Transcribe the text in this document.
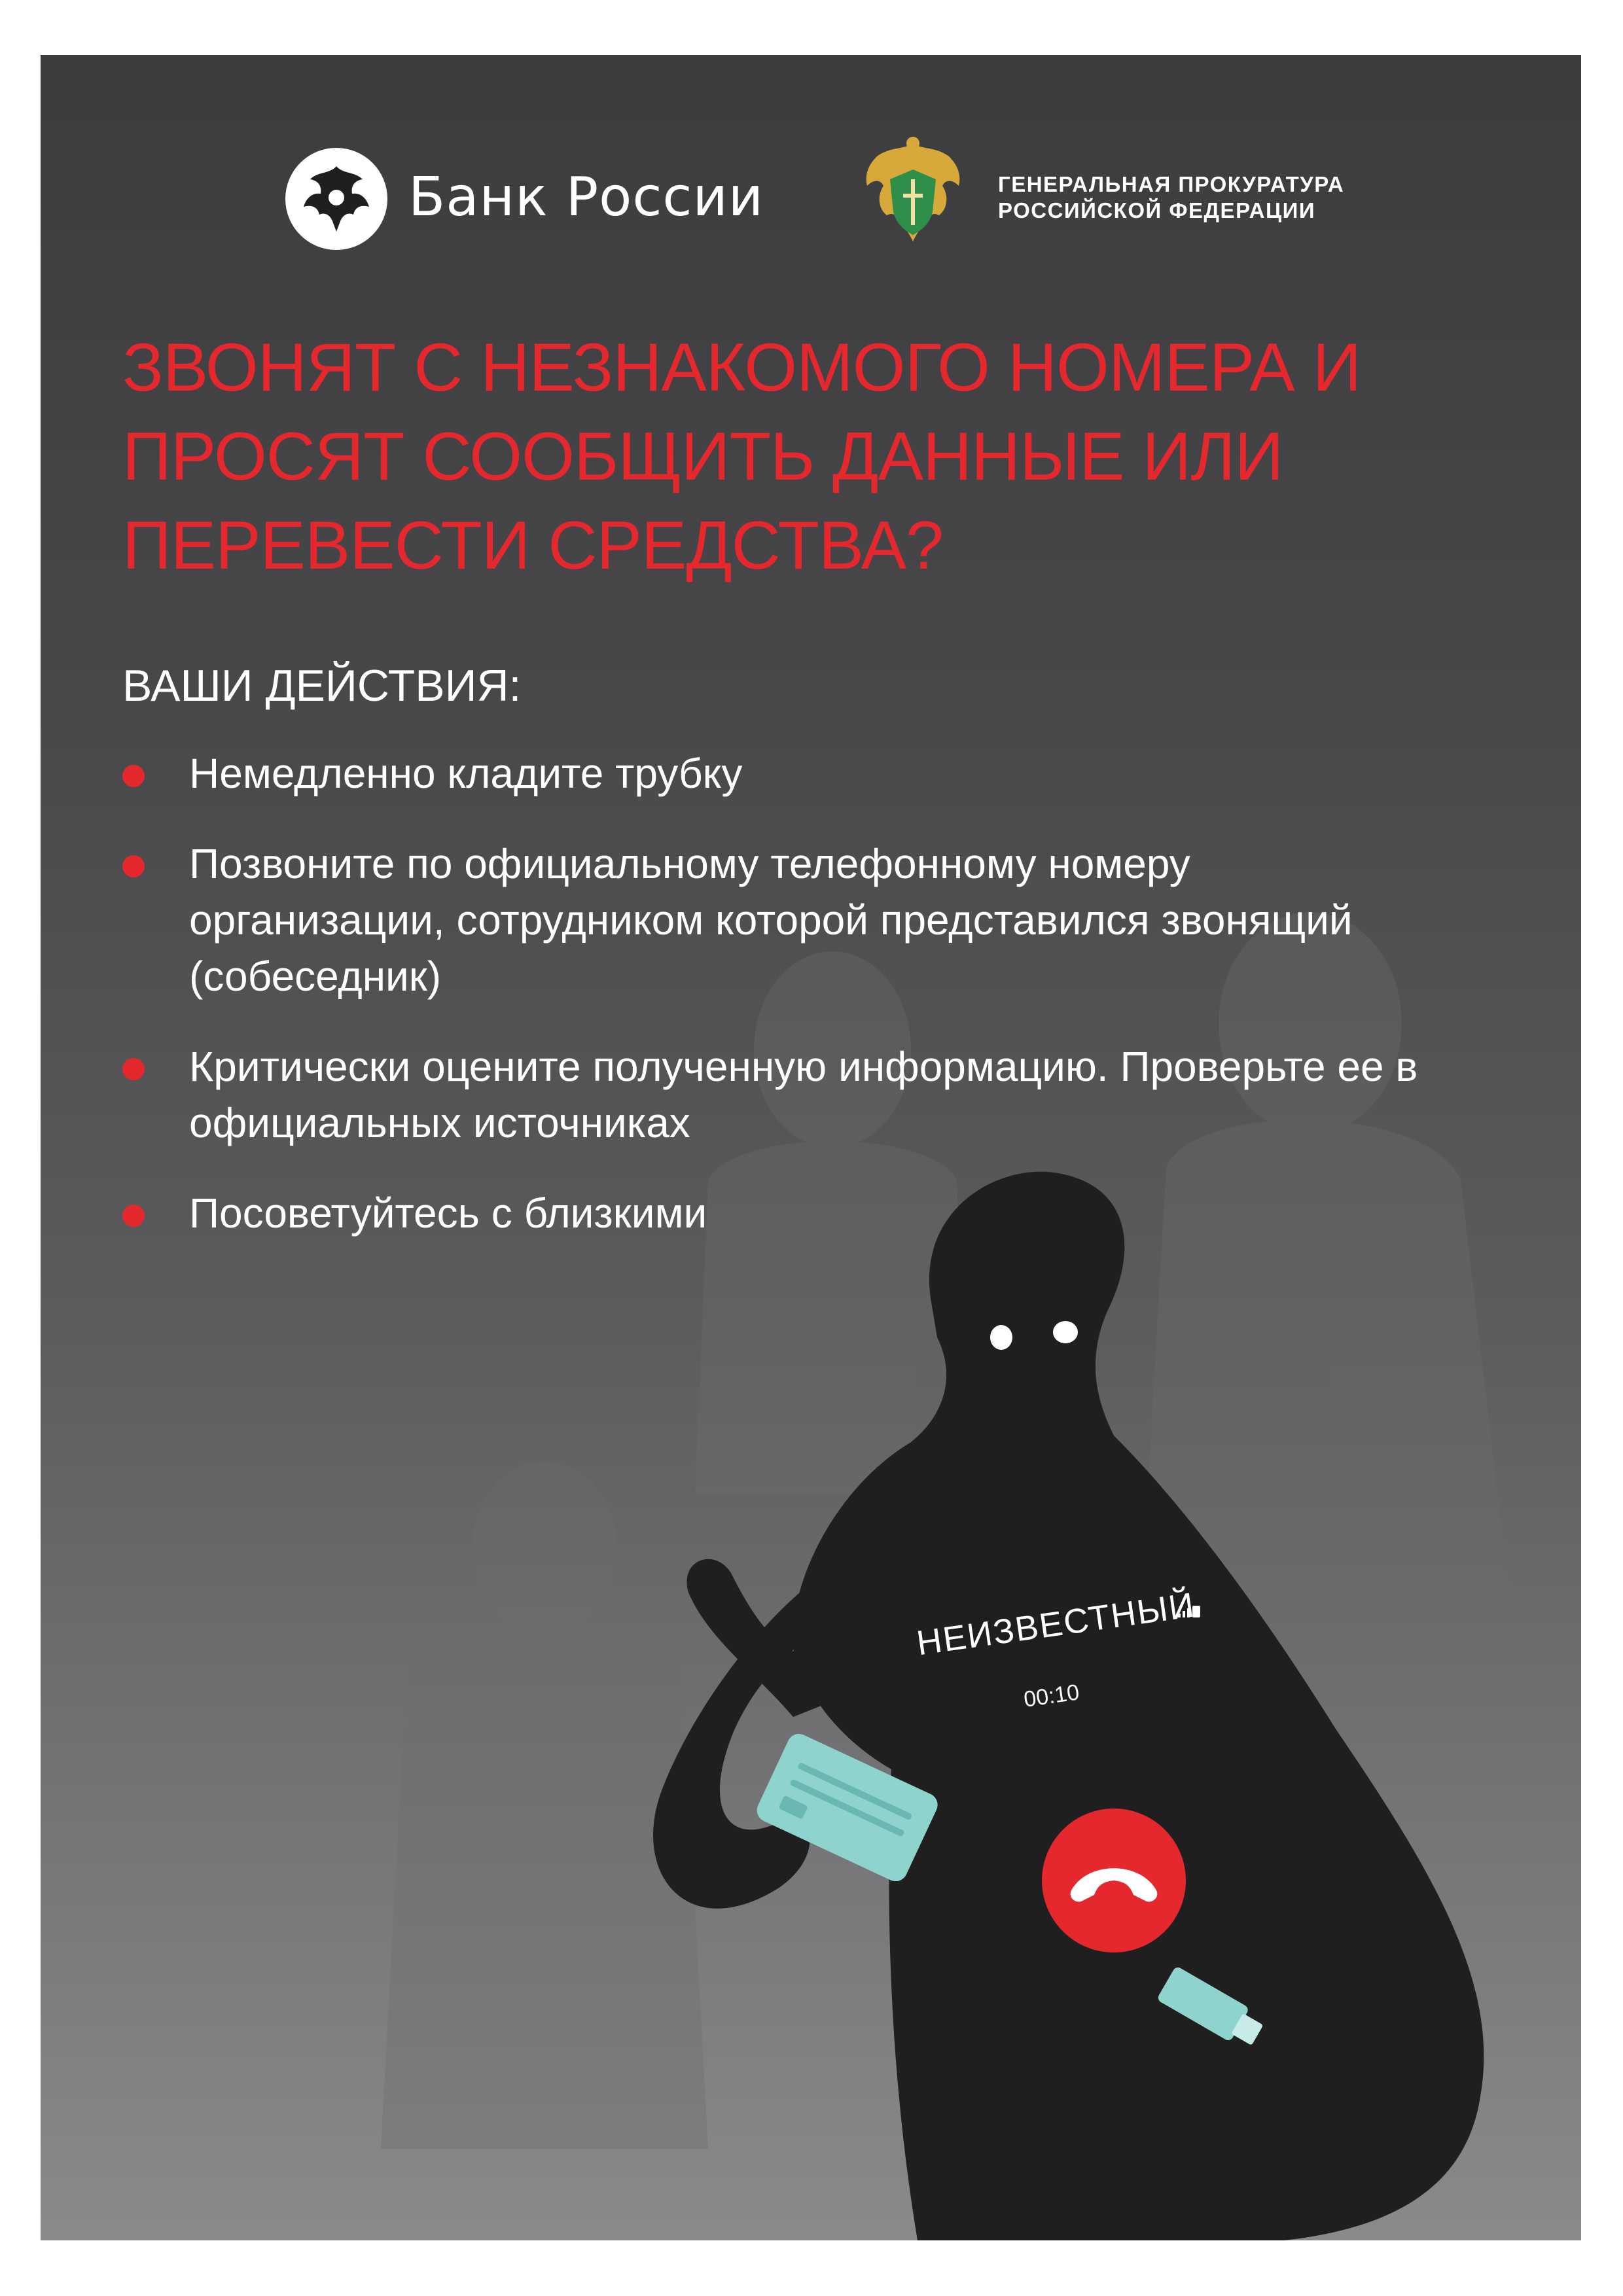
Банк России	ГЕНЕРАЛЬНАЯ ПРОКУРАТУРА
РОССИЙСКОЙ ФЕДЕРАЦИИ
ЗВОНЯТ С НЕЗНАКОМОГО НОМЕРА И
ПРОСЯТ СООБЩИТЬ ДАННЫЕ ИЛИ
ПЕРЕВЕСТИ СРЕДСТВА?
ВАШИ ДЕЙСТВИЯ:
Немедленно кладите трубку
Позвоните по официальному телефонному номеру
организации, сотрудником которой представился звонящий
(собеседник)
Критически оцените полученную информацию. Проверьте ее в
официальных источниках
Посоветуйтесь с близкими
НЕИЗВЕСТНЫЙ
00:10
